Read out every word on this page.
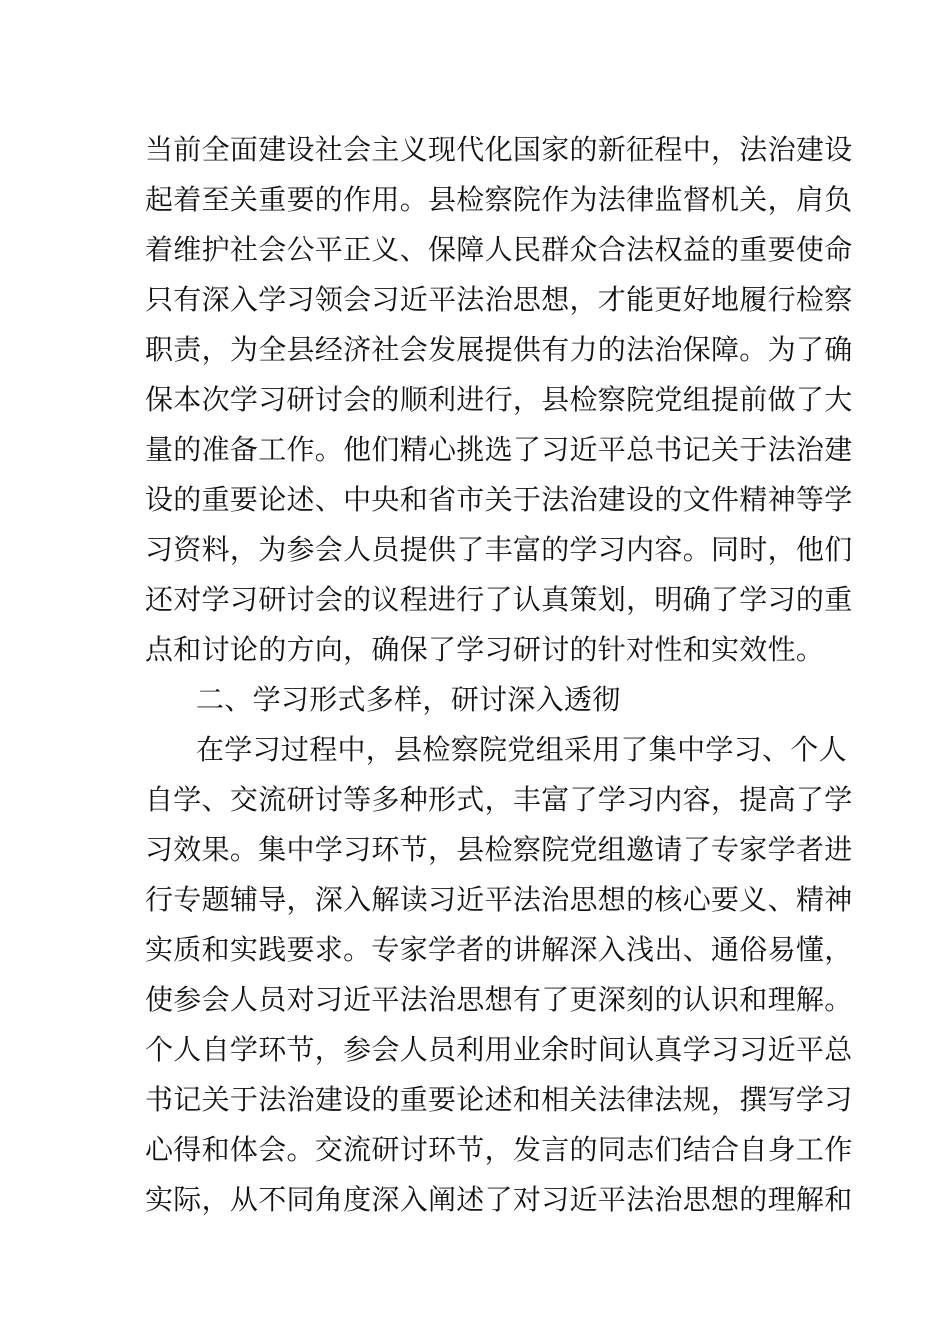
当前全面建设社会主义现代化国家的新征程中，法治建设
起着至关重要的作用。县检察院作为法律监督机关，肩负
着维护社会公平正义、保障人民群众合法权益的重要使命
只有深入学习领会习近平法治思想，才能更好地履行检察
职责，为全县经济社会发展提供有力的法治保障。为了确
保本次学习研讨会的顺利进行，县检察院党组提前做了大
量的准备工作。他们精心挑选了习近平总书记关于法治建
设的重要论述、中央和省市关于法治建设的文件精神等学
习资料，为参会人员提供了丰富的学习内容。同时，他们
还对学习研讨会的议程进行了认真策划，明确了学习的重
点和讨论的方向，确保了学习研讨的针对性和实效性。
二、学习形式多样，研讨深入透彻
在学习过程中，县检察院党组采用了集中学习、个人
自学、交流研讨等多种形式，丰富了学习内容，提高了学
习效果。集中学习环节，县检察院党组邀请了专家学者进
行专题辅导，深入解读习近平法治思想的核心要义、精神
实质和实践要求。专家学者的讲解深入浅出、通俗易懂，
使参会人员对习近平法治思想有了更深刻的认识和理解。
个人自学环节，参会人员利用业余时间认真学习习近平总
书记关于法治建设的重要论述和相关法律法规，撰写学习
心得和体会。交流研讨环节，发言的同志们结合自身工作
实际，从不同角度深入阐述了对习近平法治思想的理解和
